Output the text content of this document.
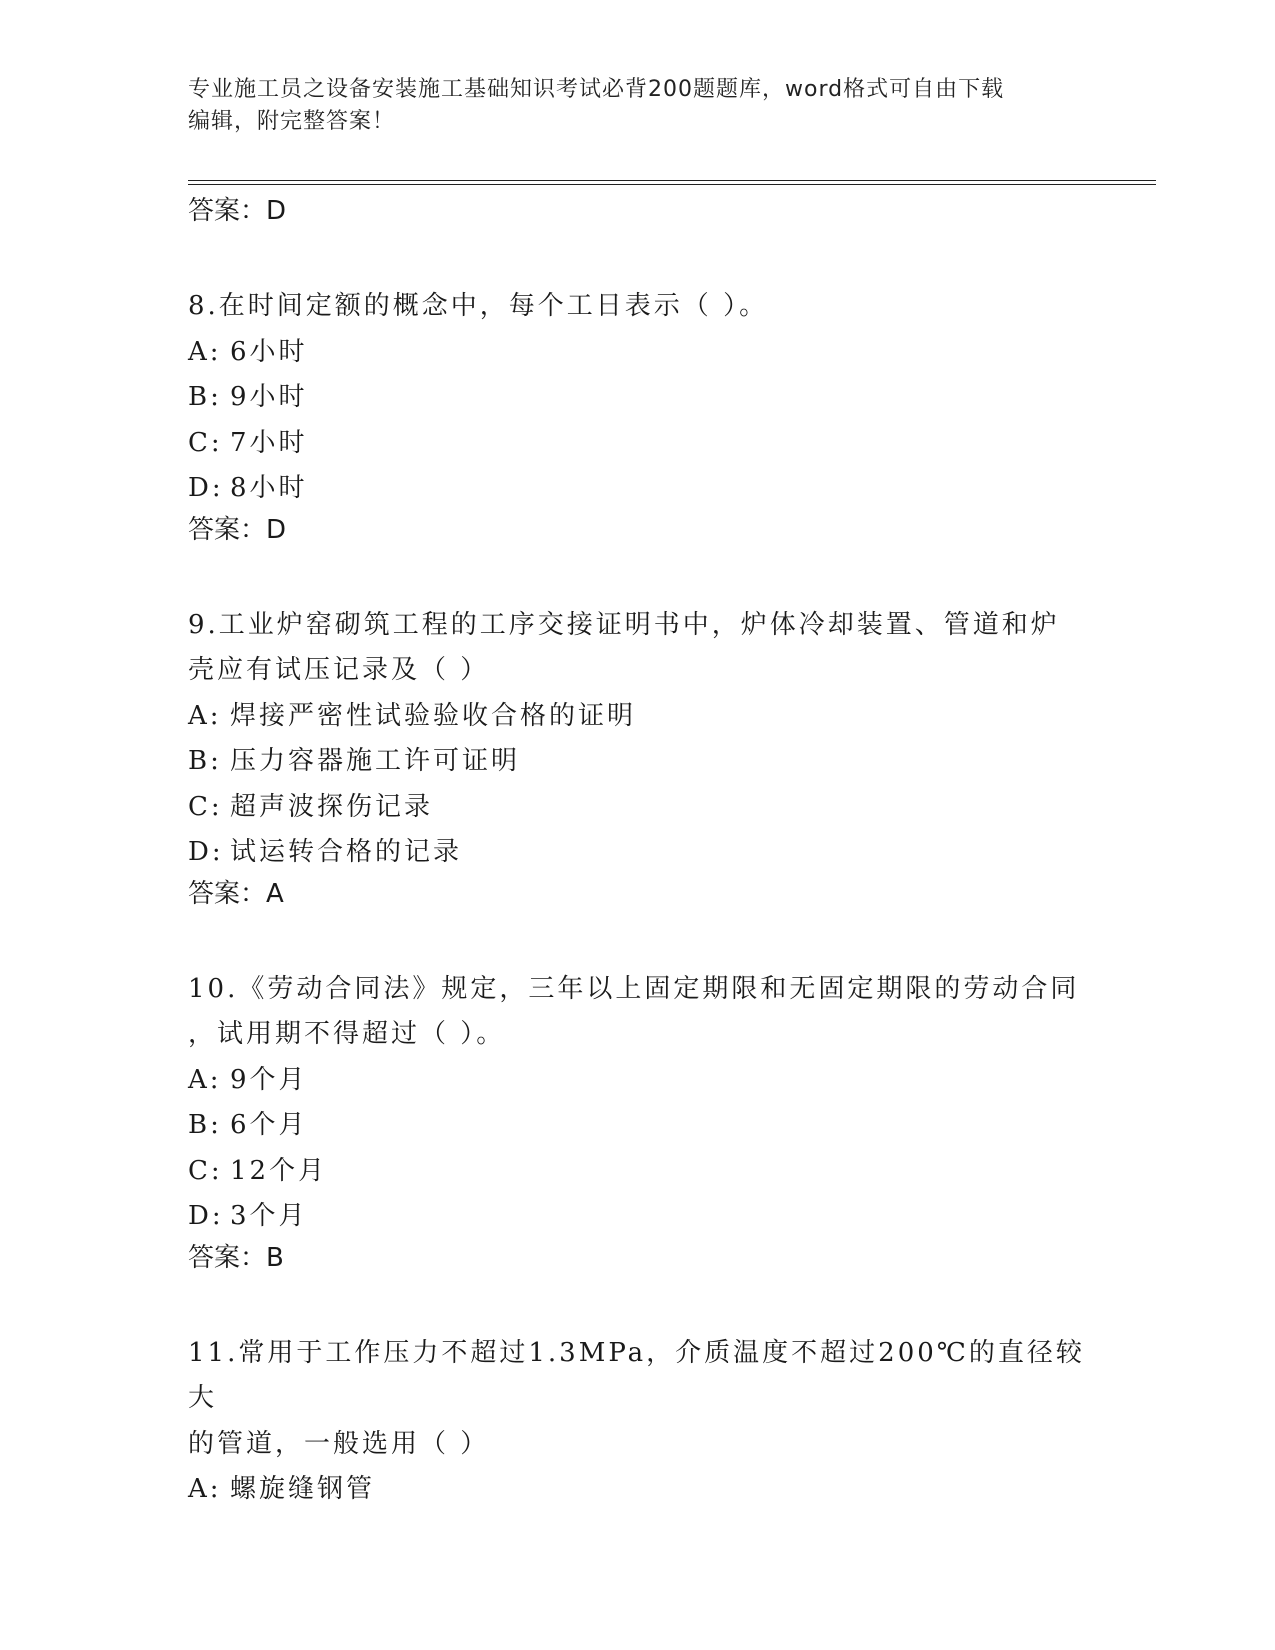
专业施工员之设备安装施工基础知识考试必背200题题库，word格式可自由下载
编辑，附完整答案！
答案：D
8.在时间定额的概念中，每个工日表示（ ）。
A: 6小时
B: 9小时
C: 7小时
D: 8小时
答案：D
9.工业炉窑砌筑工程的工序交接证明书中，炉体冷却装置、管道和炉
壳应有试压记录及（ ）
A: 焊接严密性试验验收合格的证明
B: 压力容器施工许可证明
C: 超声波探伤记录
D: 试运转合格的记录
答案：A
10.《劳动合同法》规定，三年以上固定期限和无固定期限的劳动合同
，试用期不得超过（ ）。
A: 9个月
B: 6个月
C: 12个月
D: 3个月
答案：B
11.常用于工作压力不超过1.3MPa，介质温度不超过200℃的直径较大
的管道，一般选用（ ）
A: 螺旋缝钢管
